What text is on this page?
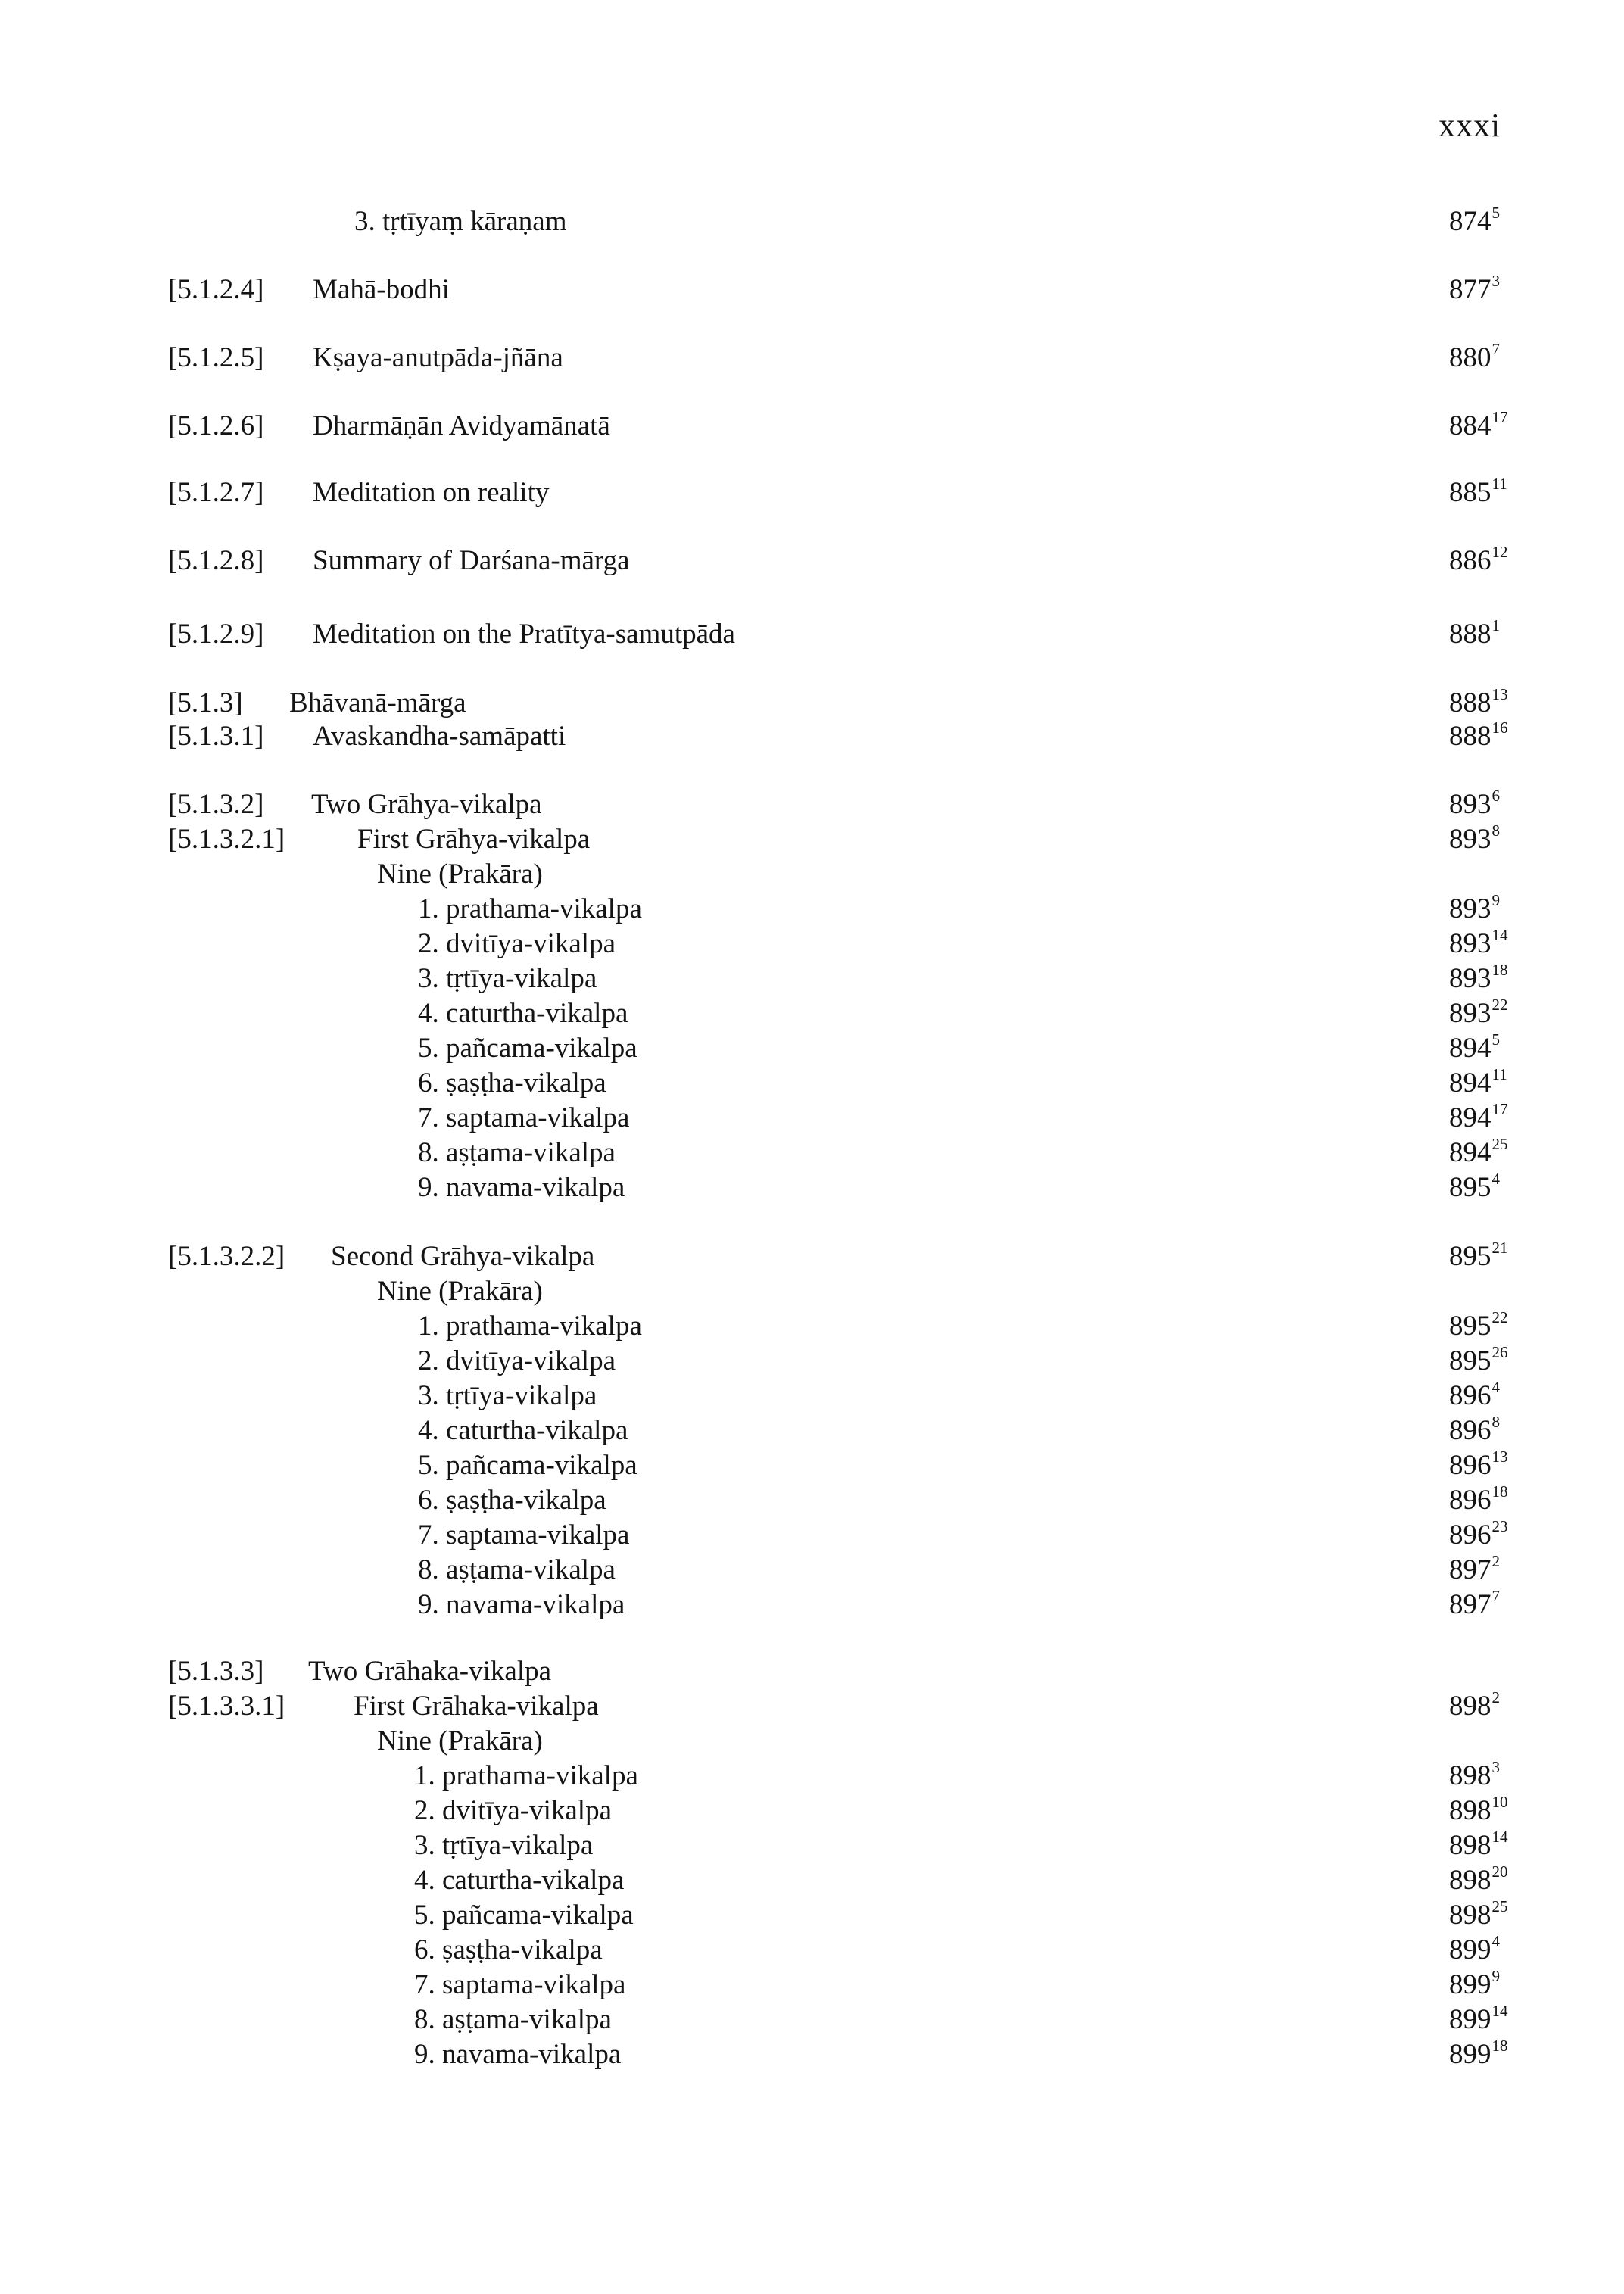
xxxi
3. tṛtīyaṃ kāraṇam	$874^5$
[5.1.2.4] Mahā-bodhi	$877^3$
[5.1.2.5] Kṣaya-anutpāda-jñāna	$880^7$
[5.1.2.6] Dharmāṇān Avidyamānatā	$884^{17}$
[5.1.2.7] Meditation on reality	$885^{11}$
[5.1.2.8] Summary of Darśana-mārga	$886^{12}$
[5.1.2.9] Meditation on the Pratītya-samutpāda	$888^1$
[5.1.3] Bhāvanā-mārga	$888^{13}$
[5.1.3.1] Avaskandha-samāpatti	$888^{16}$
[5.1.3.2] Two Grāhya-vikalpa	$893^6$
[5.1.3.2.1]	First Grāhya-vikalpa	$893^8$
Nine (Prakāra)
1. prathama-vikalpa	$893^9$
2. dvitīya-vikalpa	$893^{14}$
3. tṛtīya-vikalpa	$893^{18}$
4. caturtha-vikalpa	$893^{22}$
5. pañcama-vikalpa	$894^5$
6. ṣaṣṭha-vikalpa	$894^{11}$
7. saptama-vikalpa	$894^{17}$
8. aṣṭama-vikalpa	$894^{25}$
9. navama-vikalpa	$895^4$
[5.1.3.2.2] Second Grāhya-vikalpa	$895^{21}$
Nine (Prakāra)
1. prathama-vikalpa	$895^{22}$
2. dvitīya-vikalpa	$895^{26}$
3. tṛtīya-vikalpa	$896^4$
4. caturtha-vikalpa	$896^8$
5. pañcama-vikalpa	$896^{13}$
6. ṣaṣṭha-vikalpa	$896^{18}$
7. saptama-vikalpa	$896^{23}$
8. aṣṭama-vikalpa	$897^2$
9. navama-vikalpa	$897^7$
[5.1.3.3] Two Grāhaka-vikalpa
[5.1.3.3.1] First Grāhaka-vikalpa	$898^2$
Nine (Prakāra)
1. prathama-vikalpa	$898^3$
2. dvitīya-vikalpa	$898^{10}$
3. tṛtīya-vikalpa	$898^{14}$
4. caturtha-vikalpa	$898^{20}$
5. pañcama-vikalpa	$898^{25}$
6. ṣaṣṭha-vikalpa	$899^4$
7. saptama-vikalpa	$899^9$
8. aṣṭama-vikalpa	$899^{14}$
9. navama-vikalpa	$899^{18}$
